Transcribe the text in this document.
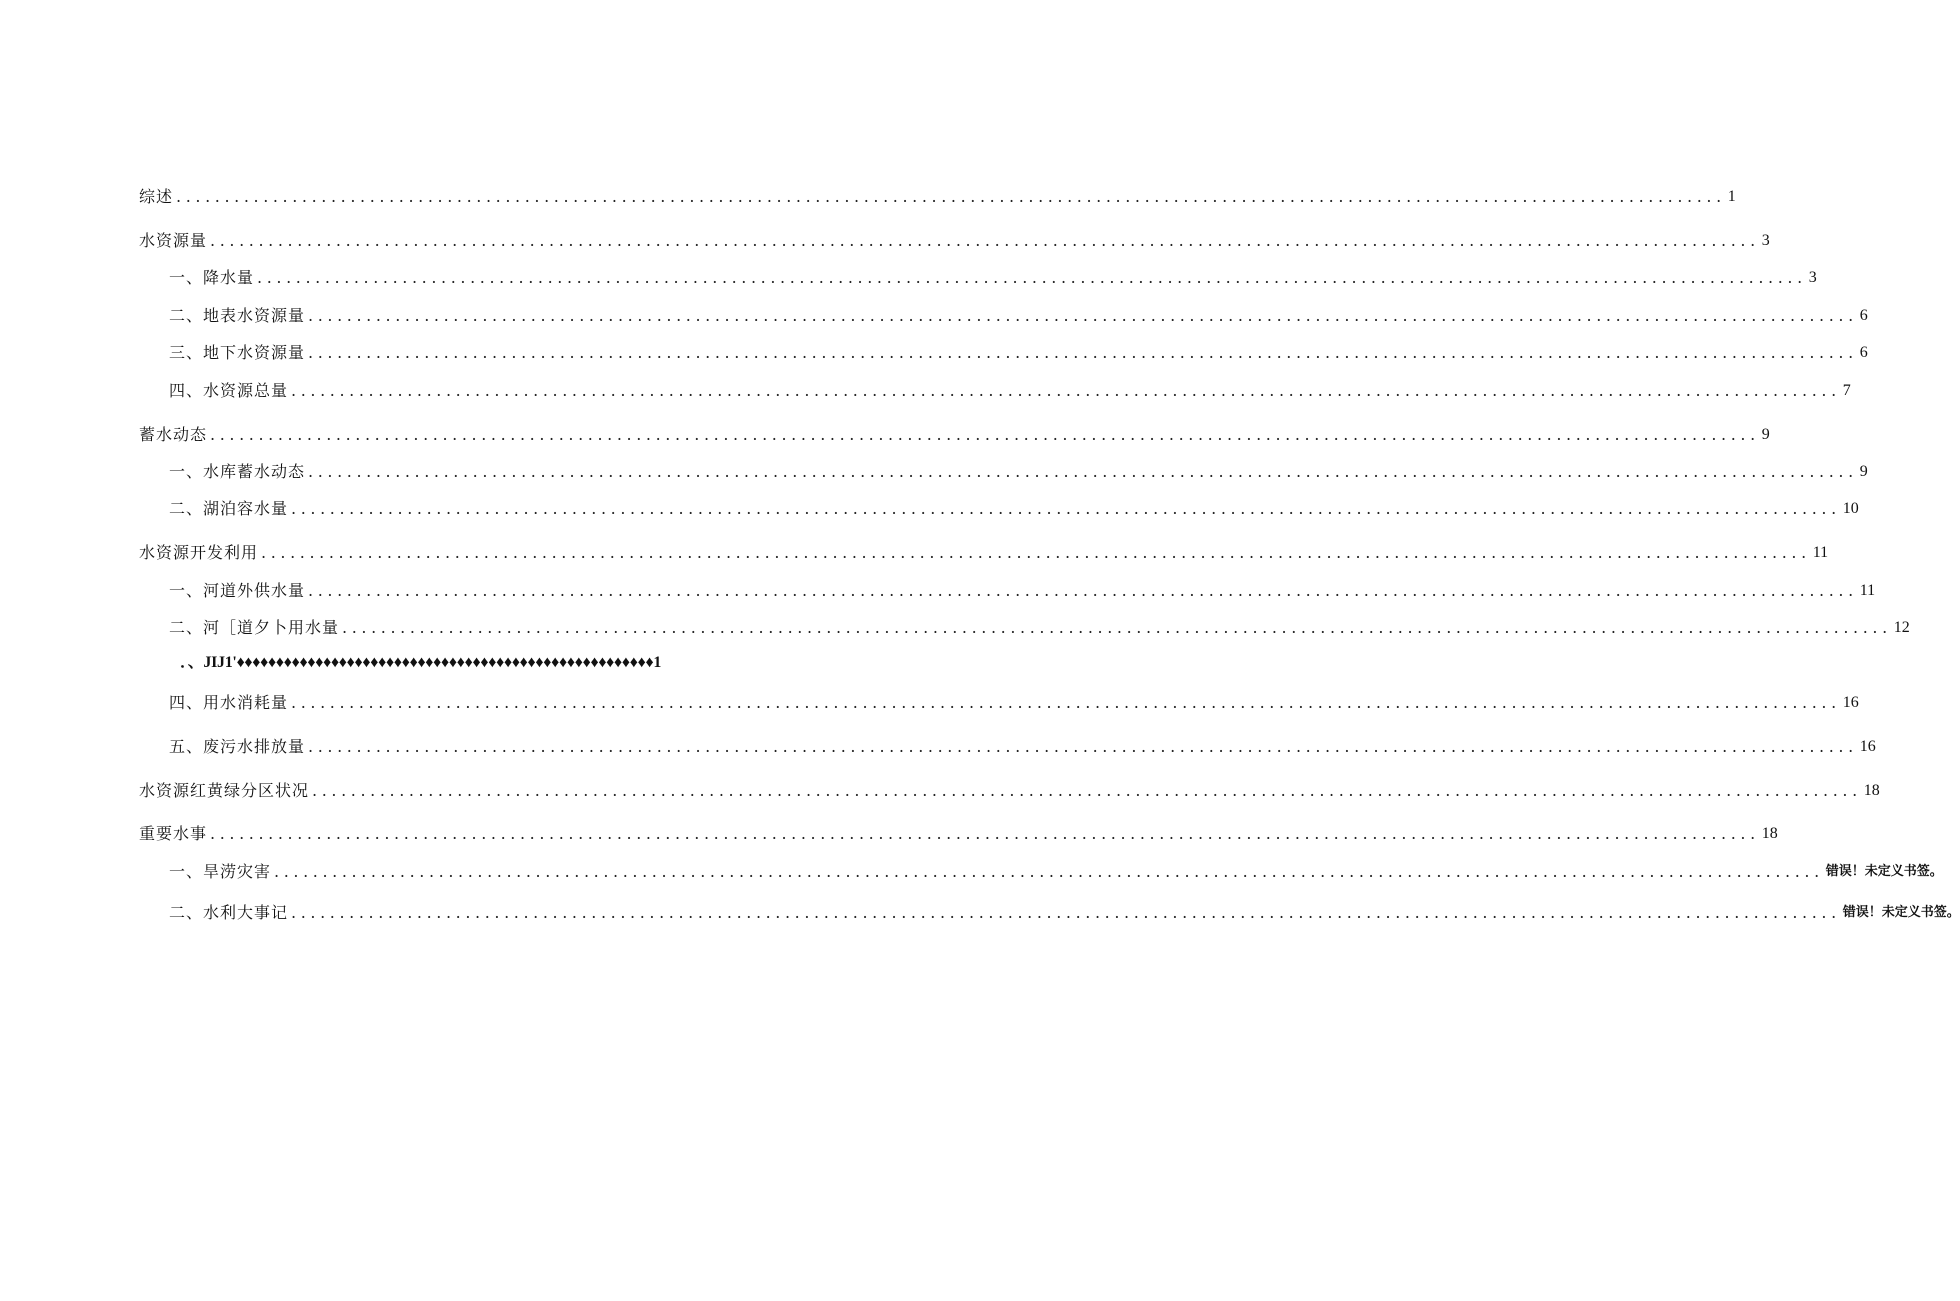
综述 ................................................................................................................................................................ 1
水资源量 ................................................................................................................................................................ 3
一、降水量 ................................................................................................................................................................ 3
二、地表水资源量 ................................................................................................................................................................ 6
三、地下水资源量 ................................................................................................................................................................ 6
四、水资源总量 ................................................................................................................................................................ 7
蓄水动态 ................................................................................................................................................................ 9
一、水库蓄水动态 ................................................................................................................................................................ 9
二、湖泊容水量 ................................................................................................................................................................ 10
水资源开发利用 ................................................................................................................................................................ 11
一、河道外供水量 ................................................................................................................................................................ 11
二、河［道夕卜用水量 ................................................................................................................................................................ 12
．、JIJ1'♦♦♦♦♦♦♦♦♦♦♦♦♦♦♦♦♦♦♦♦♦♦♦♦♦♦♦♦♦♦♦♦♦♦♦♦♦♦♦♦♦♦♦♦♦♦♦♦♦♦♦♦♦1
四、用水消耗量 ................................................................................................................................................................ 16
五、废污水排放量 ................................................................................................................................................................ 16
水资源红黄绿分区状况 ................................................................................................................................................................ 18
重要水事 ................................................................................................................................................................ 18
一、旱涝灾害 ................................................................................................................................................................ 错误！未定义书签。
二、水利大事记 ................................................................................................................................................................ 错误！未定义书签。
